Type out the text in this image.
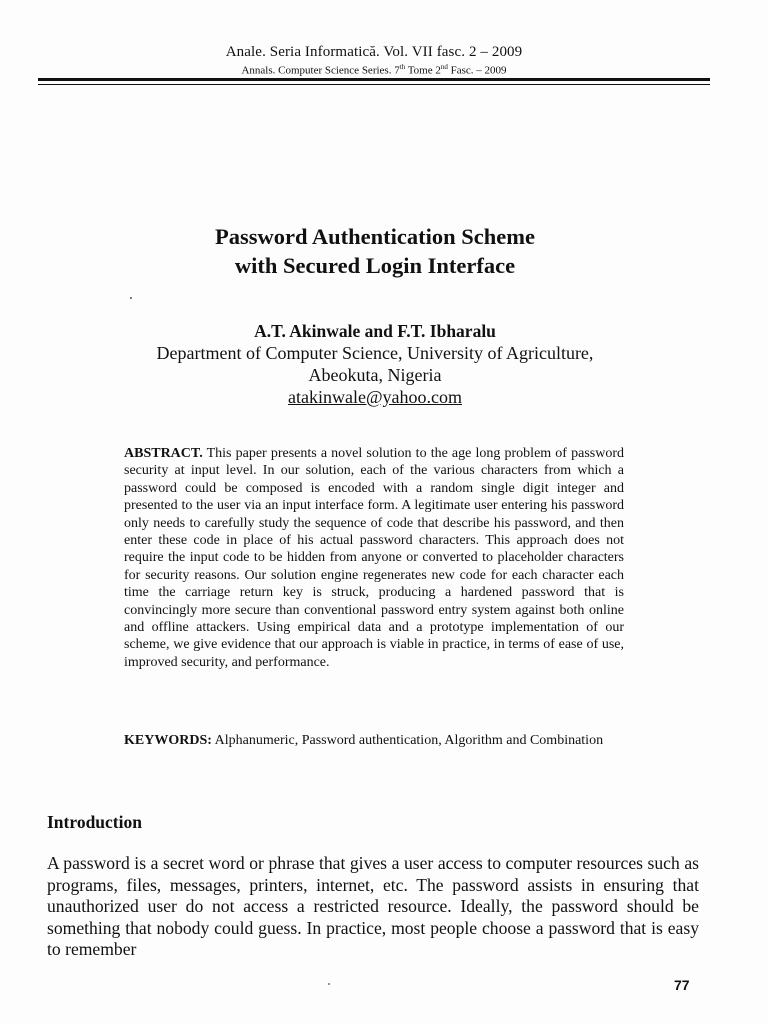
Anale. Seria Informatică. Vol. VII fasc. 2 – 2009
Annals. Computer Science Series. 7th Tome 2nd Fasc. – 2009
Password Authentication Scheme
with Secured Login Interface
A.T. Akinwale and F.T. Ibharalu
Department of Computer Science, University of Agriculture,
Abeokuta, Nigeria
atakinwale@yahoo.com
ABSTRACT. This paper presents a novel solution to the age long problem of password security at input level. In our solution, each of the various characters from which a password could be composed is encoded with a random single digit integer and presented to the user via an input interface form. A legitimate user entering his password only needs to carefully study the sequence of code that describe his password, and then enter these code in place of his actual password characters. This approach does not require the input code to be hidden from anyone or converted to placeholder characters for security reasons. Our solution engine regenerates new code for each character each time the carriage return key is struck, producing a hardened password that is convincingly more secure than conventional password entry system against both online and offline attackers. Using empirical data and a prototype implementation of our scheme, we give evidence that our approach is viable in practice, in terms of ease of use, improved security, and performance.
KEYWORDS: Alphanumeric, Password authentication, Algorithm and Combination
Introduction
A password is a secret word or phrase that gives a user access to computer resources such as programs, files, messages, printers, internet, etc. The password assists in ensuring that unauthorized user do not access a restricted resource. Ideally, the password should be something that nobody could guess. In practice, most people choose a password that is easy to remember
77
